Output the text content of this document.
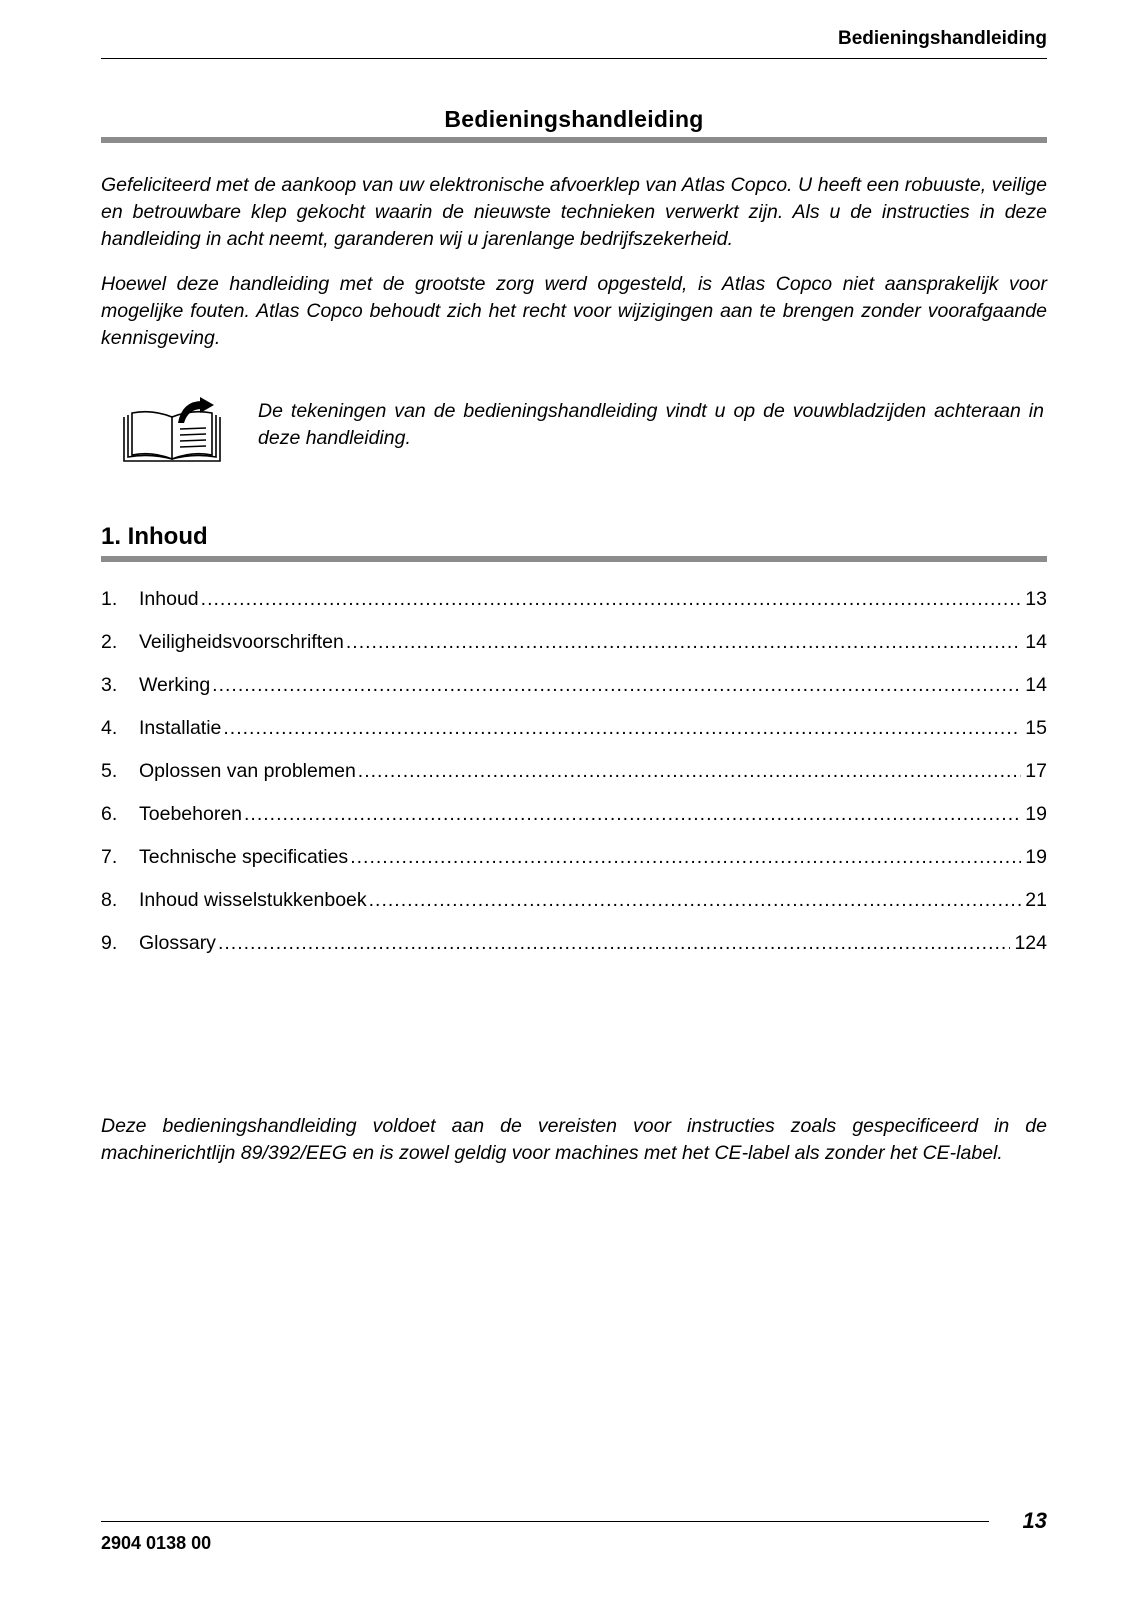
Bedieningshandleiding
Bedieningshandleiding

Gefeliciteerd met de aankoop van uw elektronische afvoerklep van Atlas Copco. U heeft een robuuste, veilige en betrouwbare klep gekocht waarin de nieuwste technieken verwerkt zijn. Als u de instructies in deze handleiding in acht neemt, garanderen wij u jarenlange bedrijfszekerheid.

Hoewel deze handleiding met de grootste zorg werd opgesteld, is Atlas Copco niet aansprakelijk voor mogelijke fouten. Atlas Copco behoudt zich het recht voor wijzigingen aan te brengen zonder voorafgaande kennisgeving.

De tekeningen van de bedieningshandleiding vindt u op de vouwbladzijden achteraan in deze handleiding.

1. Inhoud
1.	Inhoud .....	13
2.	Veiligheidsvoorschriften .....	14
3.	Werking .....	14
4.	Installatie .....	15
5.	Oplossen van problemen .....	17
6.	Toebehoren .....	19
7.	Technische specificaties .....	19
8.	Inhoud wisselstukkenboek .....	21
9.	Glossary .....	124

Deze bedieningshandleiding voldoet aan de vereisten voor instructies zoals gespecificeerd in de machinerichtlijn 89/392/EEG en is zowel geldig voor machines met het CE-label als zonder het CE-label.

2904 0138 00
13
